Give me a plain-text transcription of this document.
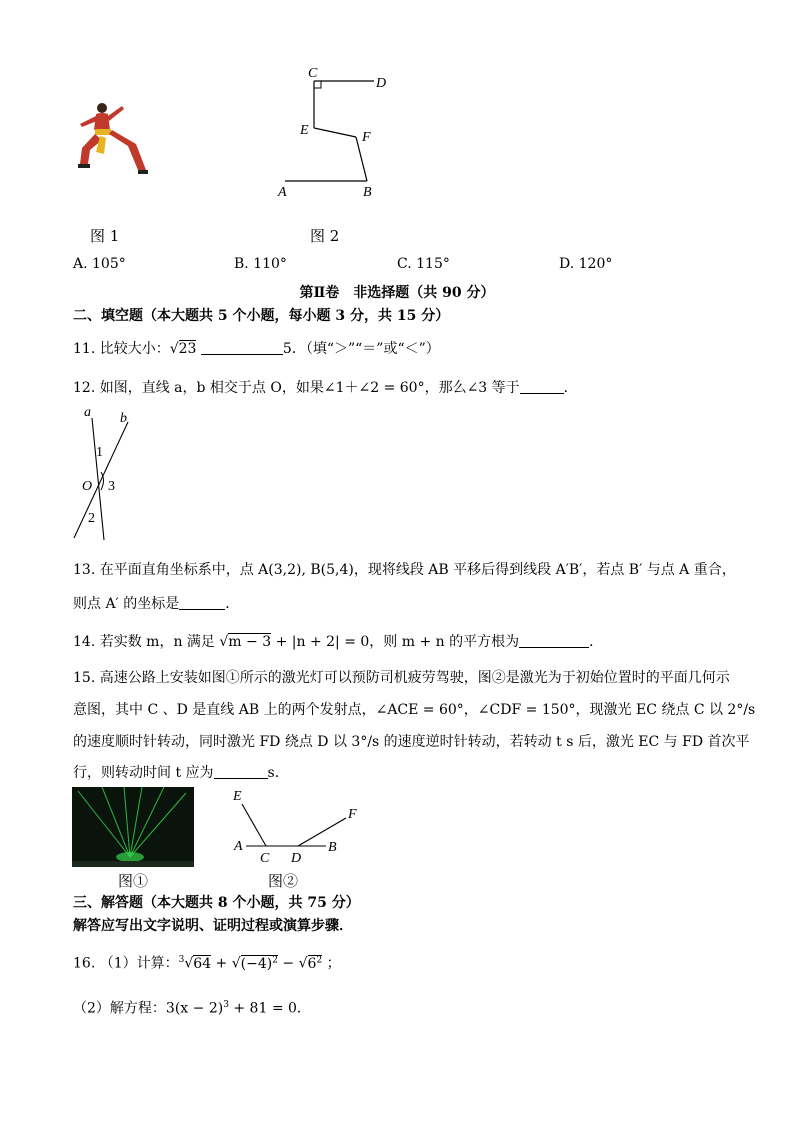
C
D
E	F
A	B
图 1	图 2
A. 105°	B. 110°	C. 115°	D. 120°
第Ⅱ卷　非选择题（共 90 分）
二、填空题（本大题共 5 个小题，每小题 3 分，共 15 分）
11. 比较大小：√23	5．（填“＞”“＝”或“＜”）
12. 如图，直线 a，b 相交于点 O，如果∠1＋∠2 = 60°，那么∠3 等于	．
a b
1
O 3
2
13. 在平面直角坐标系中，点 A(3,2), B(5,4)，现将线段 AB 平移后得到线段 A′B′，若点 B′ 与点 A 重合，
则点 A′ 的坐标是	．
14. 若实数 m，n 满足 √m − 3 + |n + 2| = 0，则 m + n 的平方根为	．
15. 高速公路上安装如图①所示的激光灯可以预防司机疲劳驾驶，图②是激光为于初始位置时的平面几何示
意图，其中 C 、D 是直线 AB 上的两个发射点，∠ACE = 60°，∠CDF = 150°，现激光 EC 绕点 C 以 2°/s
的速度顺时针转动，同时激光 FD 绕点 D 以 3°/s 的速度逆时针转动，若转动 t s 后，激光 EC 与 FD 首次平
行，则转动时间 t 应为	s．
E
F
A	B
C D
图①	图②
三、解答题（本大题共 8 个小题，共 75 分）
解答应写出文字说明、证明过程或演算步骤．
16. （1）计算：$^3√64 + √(-4)^2 - √6^2$ ；
（2）解方程：$3(x - 2)^3 + 81 = 0$．
